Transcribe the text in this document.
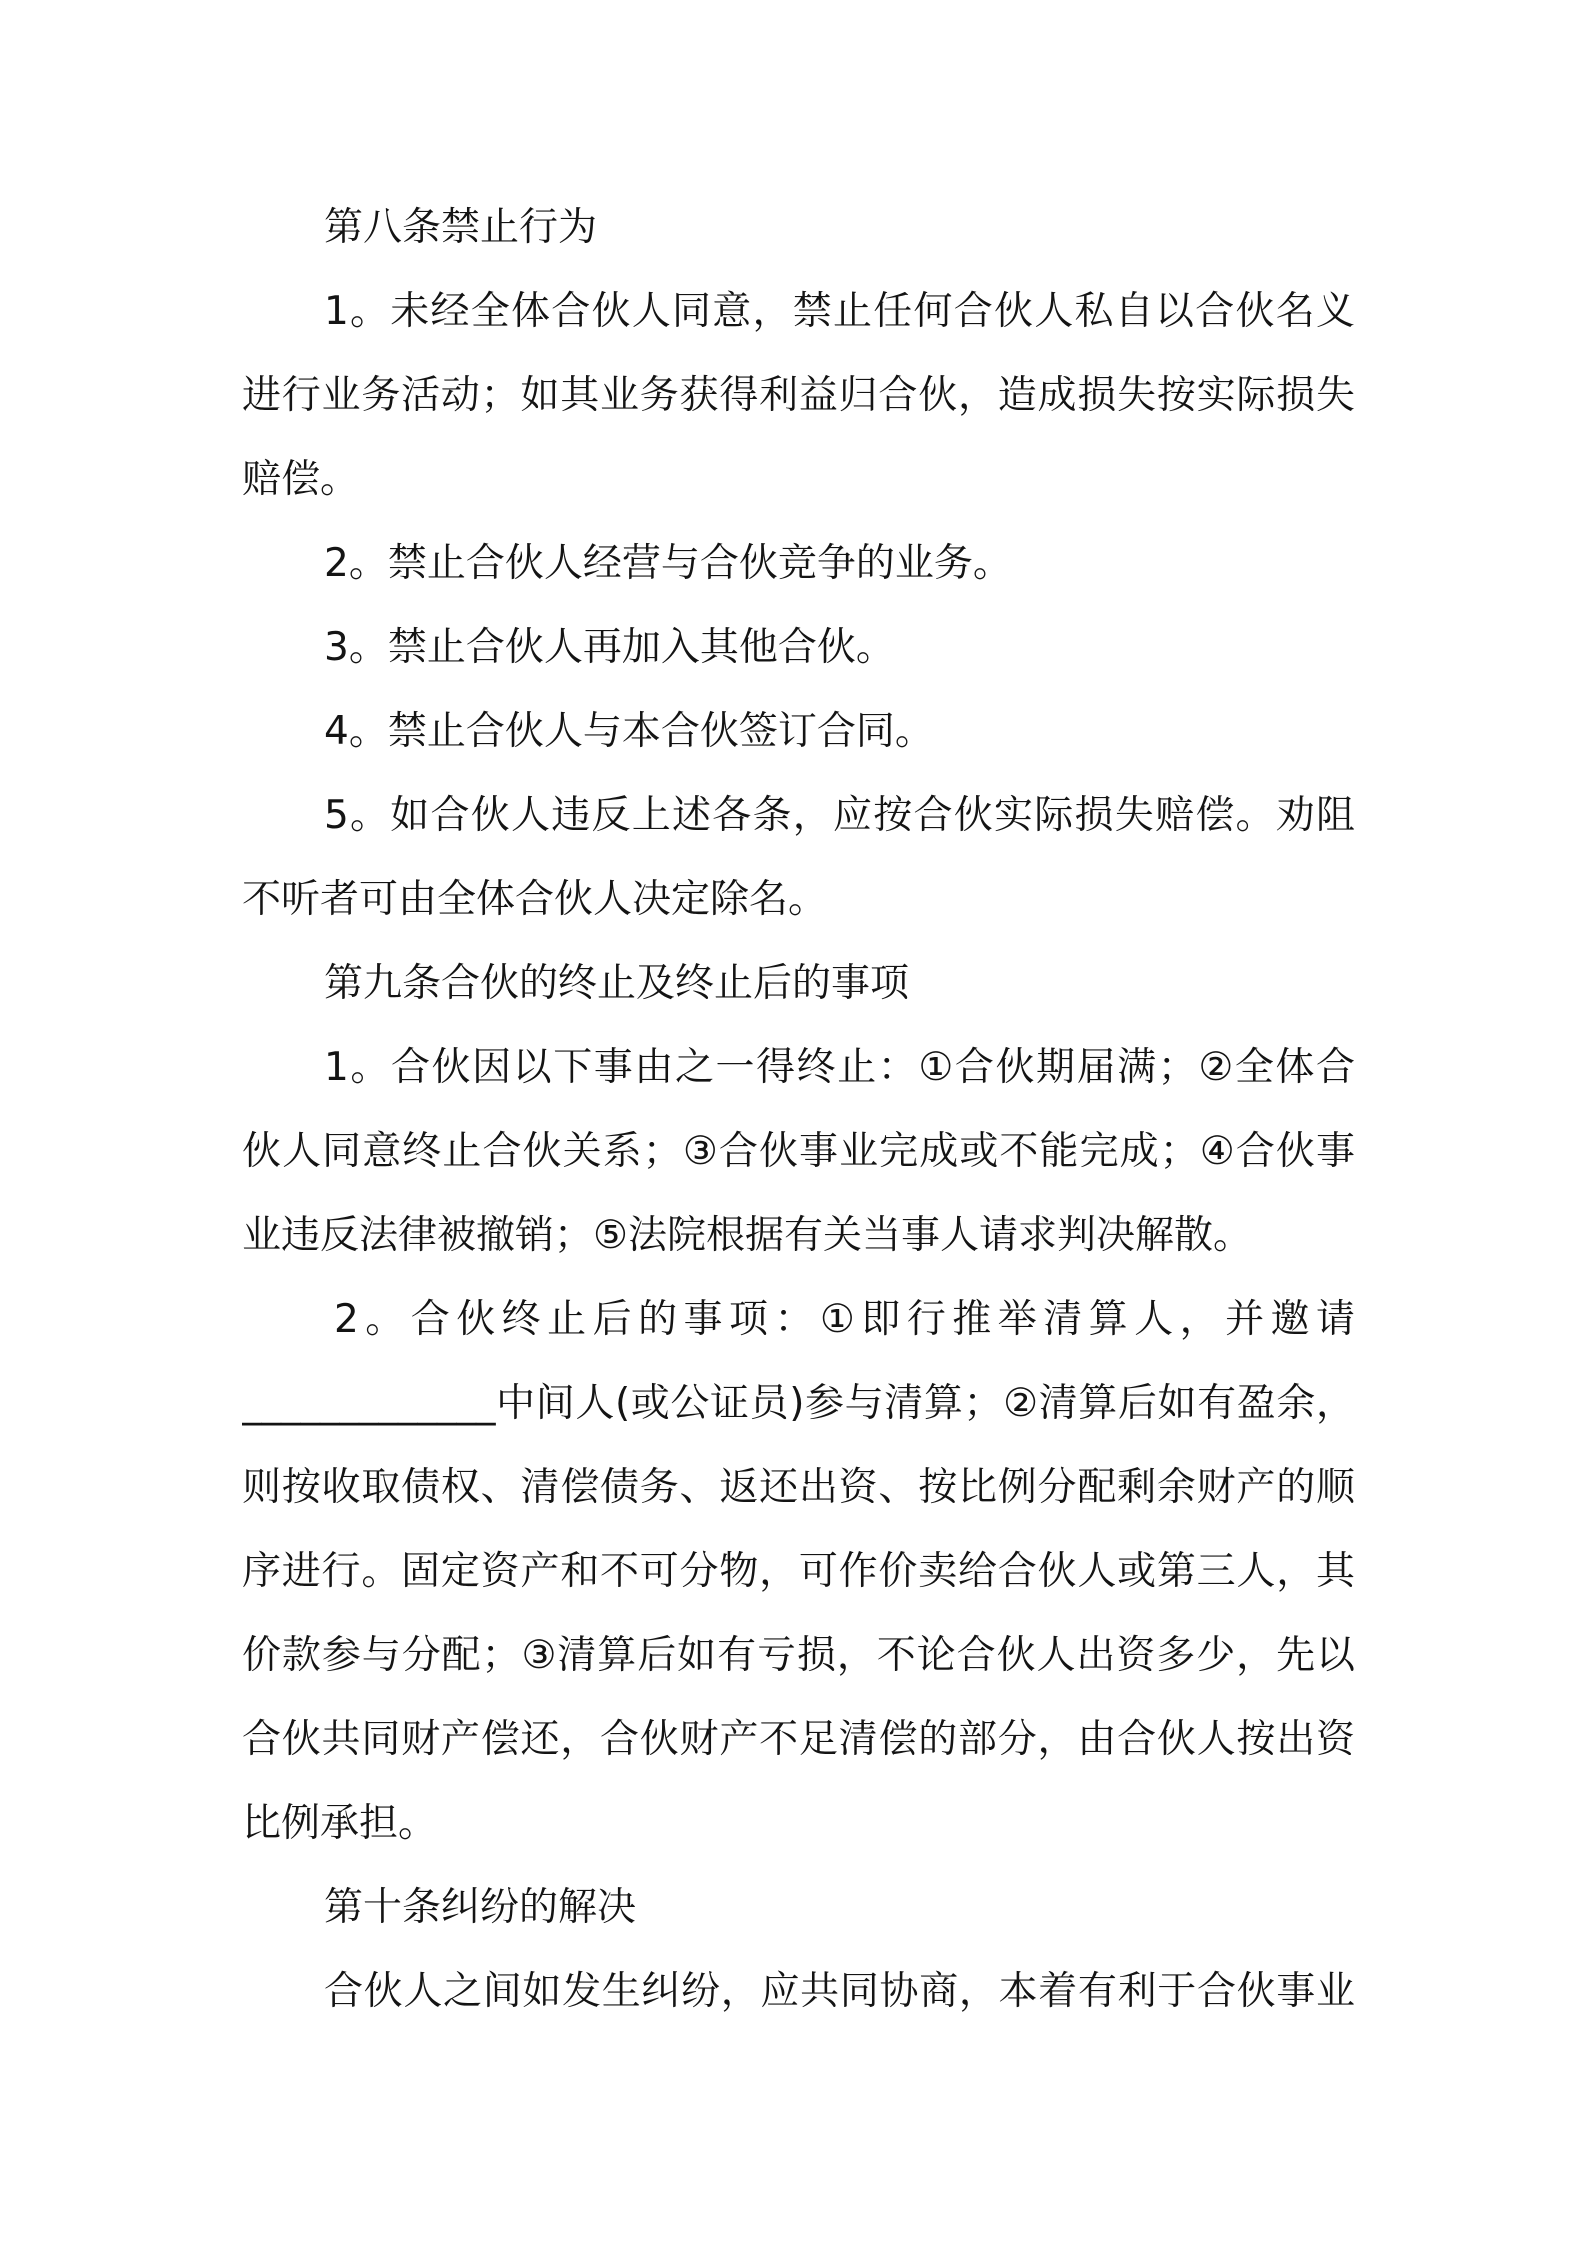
第八条禁止行为
1。未经全体合伙人同意，禁止任何合伙人私自以合伙名义
进行业务活动；如其业务获得利益归合伙，造成损失按实际损失
赔偿。
2。禁止合伙人经营与合伙竞争的业务。
3。禁止合伙人再加入其他合伙。
4。禁止合伙人与本合伙签订合同。
5。如合伙人违反上述各条，应按合伙实际损失赔偿。劝阻
不听者可由全体合伙人决定除名。
第九条合伙的终止及终止后的事项
1。合伙因以下事由之一得终止：①合伙期届满；②全体合
伙人同意终止合伙关系；③合伙事业完成或不能完成；④合伙事
业违反法律被撤销；⑤法院根据有关当事人请求判决解散。
2。合伙终止后的事项：①即行推举清算人，并邀请
_____________中间人(或公证员)参与清算；②清算后如有盈余，
则按收取债权、清偿债务、返还出资、按比例分配剩余财产的顺
序进行。固定资产和不可分物，可作价卖给合伙人或第三人，其
价款参与分配；③清算后如有亏损，不论合伙人出资多少，先以
合伙共同财产偿还，合伙财产不足清偿的部分，由合伙人按出资
比例承担。
第十条纠纷的解决
合伙人之间如发生纠纷，应共同协商，本着有利于合伙事业
